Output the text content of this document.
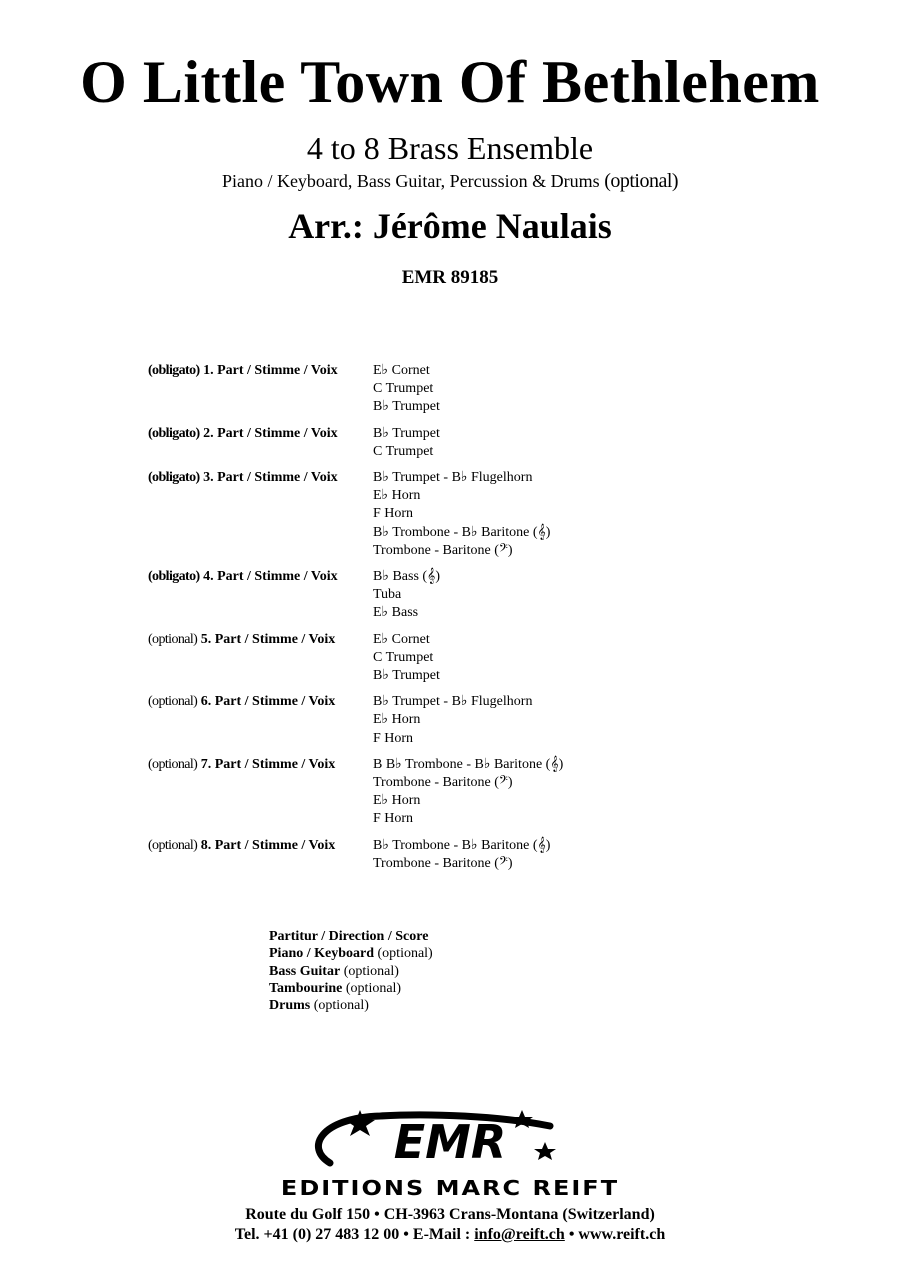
O Little Town Of Bethlehem
4 to 8 Brass Ensemble
Piano / Keyboard, Bass Guitar, Percussion & Drums (optional)
Arr.: Jérôme Naulais
EMR 89185
(obligato) 1. Part / Stimme / Voix	E♭ Cornet
C Trumpet
B♭ Trumpet
(obligato) 2. Part / Stimme / Voix	B♭ Trumpet
C Trumpet
(obligato) 3. Part / Stimme / Voix	B♭ Trumpet - B♭ Flugelhorn
E♭ Horn
F Horn
B♭ Trombone - B♭ Baritone (𝄞)
Trombone - Baritone (𝄢)
(obligato) 4. Part / Stimme / Voix	B♭ Bass (𝄞)
Tuba
E♭ Bass
(optional) 5. Part / Stimme / Voix	E♭ Cornet
C Trumpet
B♭ Trumpet
(optional) 6. Part / Stimme / Voix	B♭ Trumpet - B♭ Flugelhorn
E♭ Horn
F Horn
(optional) 7. Part / Stimme / Voix	B B♭ Trombone - B♭ Baritone (𝄞)
Trombone - Baritone (𝄢)
E♭ Horn
F Horn
(optional) 8. Part / Stimme / Voix	B♭ Trombone - B♭ Baritone (𝄞)
Trombone - Baritone (𝄢)
Partitur / Direction / Score
Piano / Keyboard (optional)
Bass Guitar (optional)
Tambourine (optional)
Drums (optional)
EMR
EDITIONS MARC REIFT
Route du Golf 150 • CH-3963 Crans-Montana (Switzerland)
Tel. +41 (0) 27 483 12 00 • E-Mail : info@reift.ch • www.reift.ch
